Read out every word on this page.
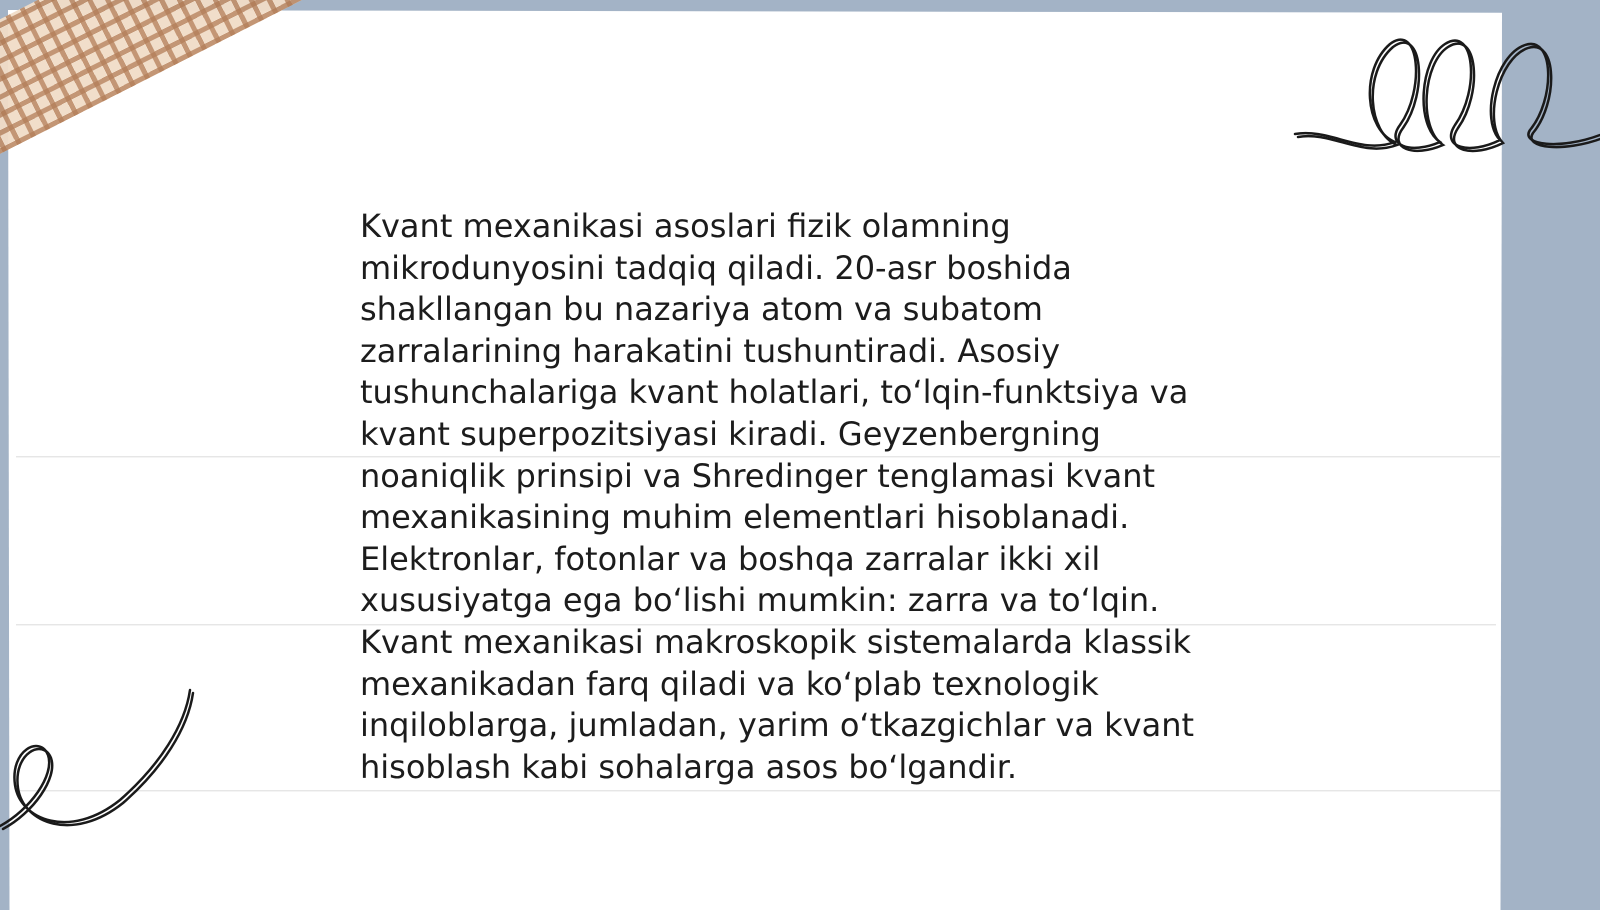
Kvant mexanikasi asoslari fizik olamning
mikrodunyosini tadqiq qiladi. 20-asr boshida
shakllangan bu nazariya atom va subatom
zarralarining harakatini tushuntiradi. Asosiy
tushunchalariga kvant holatlari, toʻlqin-funktsiya va
kvant superpozitsiyasi kiradi. Geyzenbergning
noaniqlik prinsipi va Shredinger tenglamasi kvant
mexanikasining muhim elementlari hisoblanadi.
Elektronlar, fotonlar va boshqa zarralar ikki xil
xususiyatga ega boʻlishi mumkin: zarra va toʻlqin.
Kvant mexanikasi makroskopik sistemalarda klassik
mexanikadan farq qiladi va koʻplab texnologik
inqiloblarga, jumladan, yarim oʻtkazgichlar va kvant
hisoblash kabi sohalarga asos boʻlgandir.
